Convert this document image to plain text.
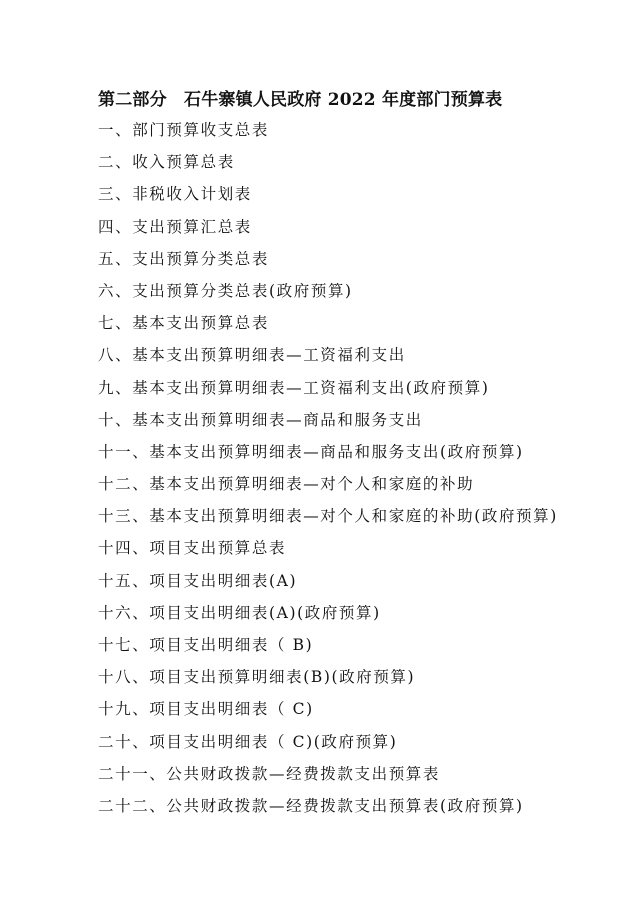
第二部分　石牛寨镇人民政府 2022 年度部门预算表
一、部门预算收支总表
二、收入预算总表
三、非税收入计划表
四、支出预算汇总表
五、支出预算分类总表
六、支出预算分类总表(政府预算)
七、基本支出预算总表
八、基本支出预算明细表—工资福利支出
九、基本支出预算明细表—工资福利支出(政府预算)
十、基本支出预算明细表—商品和服务支出
十一、基本支出预算明细表—商品和服务支出(政府预算)
十二、基本支出预算明细表—对个人和家庭的补助
十三、基本支出预算明细表—对个人和家庭的补助(政府预算)
十四、项目支出预算总表
十五、项目支出明细表(A)
十六、项目支出明细表(A)(政府预算)
十七、项目支出明细表（ B)
十八、项目支出预算明细表(B)(政府预算)
十九、项目支出明细表（ C)
二十、项目支出明细表（ C)(政府预算)
二十一、公共财政拨款—经费拨款支出预算表
二十二、公共财政拨款—经费拨款支出预算表(政府预算)
